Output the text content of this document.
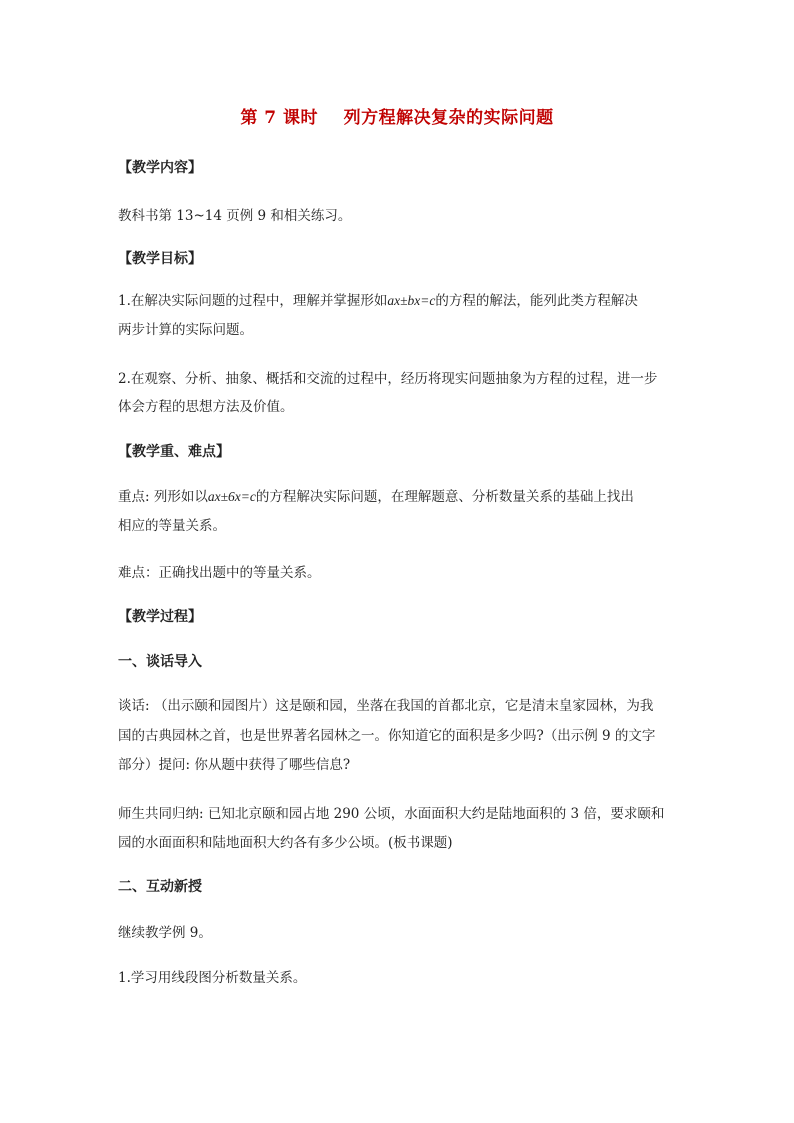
第 7 课时    列方程解决复杂的实际问题
【教学内容】
教科书第 13~14 页例 9 和相关练习。
【教学目标】
1.在解决实际问题的过程中，理解并掌握形如ax±bx=c的方程的解法，能列此类方程解决
两步计算的实际问题。
2.在观察、分析、抽象、概括和交流的过程中，经历将现实问题抽象为方程的过程，进一步
体会方程的思想方法及价值。
【教学重、难点】
重点: 列形如以ax±6x=c的方程解决实际问题，在理解题意、分析数量关系的基础上找出
相应的等量关系。
难点：正确找出题中的等量关系。
【教学过程】
一、谈话导入
谈话: （出示颐和园图片）这是颐和园，坐落在我国的首都北京，它是清末皇家园林，为我
国的古典园林之首，也是世界著名园林之一。你知道它的面积是多少吗?（出示例 9 的文字
部分）提问: 你从题中获得了哪些信息?
师生共同归纳: 已知北京颐和园占地 290 公顷，水面面积大约是陆地面积的 3 倍，要求颐和
园的水面面积和陆地面积大约各有多少公顷。(板书课题)
二、互动新授
继续教学例 9。
1.学习用线段图分析数量关系。
